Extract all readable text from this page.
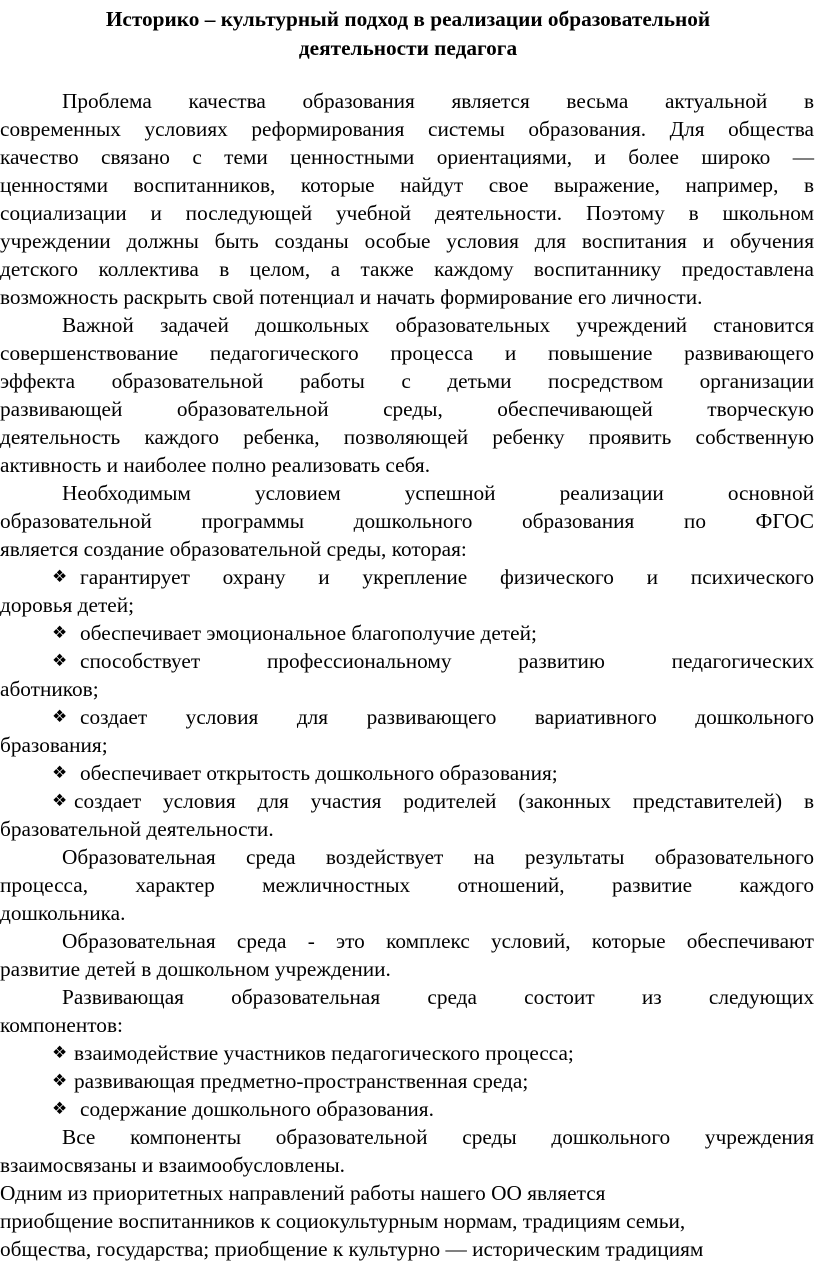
Историко – культурный подход в реализации образовательной
деятельности педагога
Проблема качества образования является весьма актуальной в
современных условиях реформирования системы образования. Для общества
качество связано с теми ценностными ориентациями, и более широко —
ценностями воспитанников, которые найдут свое выражение, например, в
социализации и последующей учебной деятельности. Поэтому в школьном
учреждении должны быть созданы особые условия для воспитания и обучения
детского коллектива в целом, а также каждому воспитаннику предоставлена
возможность раскрыть свой потенциал и начать формирование его личности.
Важной задачей дошкольных образовательных учреждений становится
совершенствование педагогического процесса и повышение развивающего
эффекта образовательной работы с детьми посредством организации
развивающей образовательной среды, обеспечивающей творческую
деятельность каждого ребенка, позволяющей ребенку проявить собственную
активность и наиболее полно реализовать себя.
Необходимым условием успешной реализации основной
образовательной программы дошкольного образования по ФГОС
является создание образовательной среды, которая:
❖ гарантирует охрану и укрепление физического и психического
доровья детей;
❖ обеспечивает эмоциональное благополучие детей;
❖ способствует профессиональному развитию педагогических
аботников;
❖ создает условия для развивающего вариативного дошкольного
бразования;
❖ обеспечивает открытость дошкольного образования;
❖ создает условия для участия родителей (законных представителей) в
бразовательной деятельности.
Образовательная среда воздействует на результаты образовательного
процесса, характер межличностных отношений, развитие каждого
дошкольника.
Образовательная среда - это комплекс условий, которые обеспечивают
развитие детей в дошкольном учреждении.
Развивающая образовательная среда состоит из следующих
компонентов:
❖ взаимодействие участников педагогического процесса;
❖ развивающая предметно-пространственная среда;
❖ содержание дошкольного образования.
Все компоненты образовательной среды дошкольного учреждения
взаимосвязаны и взаимообусловлены.
Одним из приоритетных направлений работы нашего ОО является
приобщение воспитанников к социокультурным нормам, традициям семьи,
общества, государства; приобщение к культурно — историческим традициям
